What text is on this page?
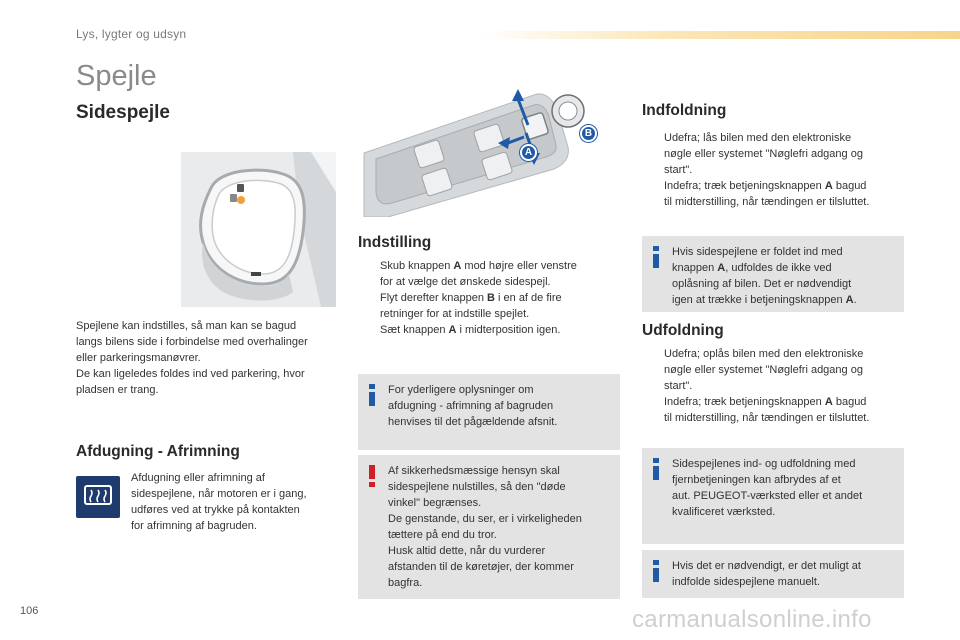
Lys, lygter og udsyn
Spejle
Sidespejle
Spejlene kan indstilles, så man kan se bagud
langs bilens side i forbindelse med overhalinger
eller parkeringsmanøvrer.
De kan ligeledes foldes ind ved parkering, hvor
pladsen er trang.
Afdugning - Afrimning
Afdugning eller afrimning af
sidespejlene, når motoren er i gang,
udføres ved at trykke på kontakten
for afrimning af bagruden.
A
B
Indstilling
Skub knappen A mod højre eller venstre
for at vælge det ønskede sidespejl.
Flyt derefter knappen B i en af de fire
retninger for at indstille spejlet.
Sæt knappen A i midterposition igen.
For yderligere oplysninger om
afdugning - afrimning af bagruden
henvises til det pågældende afsnit.
Af sikkerhedsmæssige hensyn skal
sidespejlene nulstilles, så den "døde
vinkel" begrænses.
De genstande, du ser, er i virkeligheden
tættere på end du tror.
Husk altid dette, når du vurderer
afstanden til de køretøjer, der kommer
bagfra.
Indfoldning
Udefra; lås bilen med den elektroniske
nøgle eller systemet "Nøglefri adgang og
start".
Indefra; træk betjeningsknappen A bagud
til midterstilling, når tændingen er tilsluttet.
Hvis sidespejlene er foldet ind med
knappen A, udfoldes de ikke ved
oplåsning af bilen. Det er nødvendigt
igen at trække i betjeningsknappen A.
Udfoldning
Udefra; oplås bilen med den elektroniske
nøgle eller systemet "Nøglefri adgang og
start".
Indefra; træk betjeningsknappen A bagud
til midterstilling, når tændingen er tilsluttet.
Sidespejlenes ind- og udfoldning med
fjernbetjeningen kan afbrydes af et
aut. PEUGEOT-værksted eller et andet
kvalificeret værksted.
Hvis det er nødvendigt, er det muligt at
indfolde sidespejlene manuelt.
106	carmanualsonline.info
